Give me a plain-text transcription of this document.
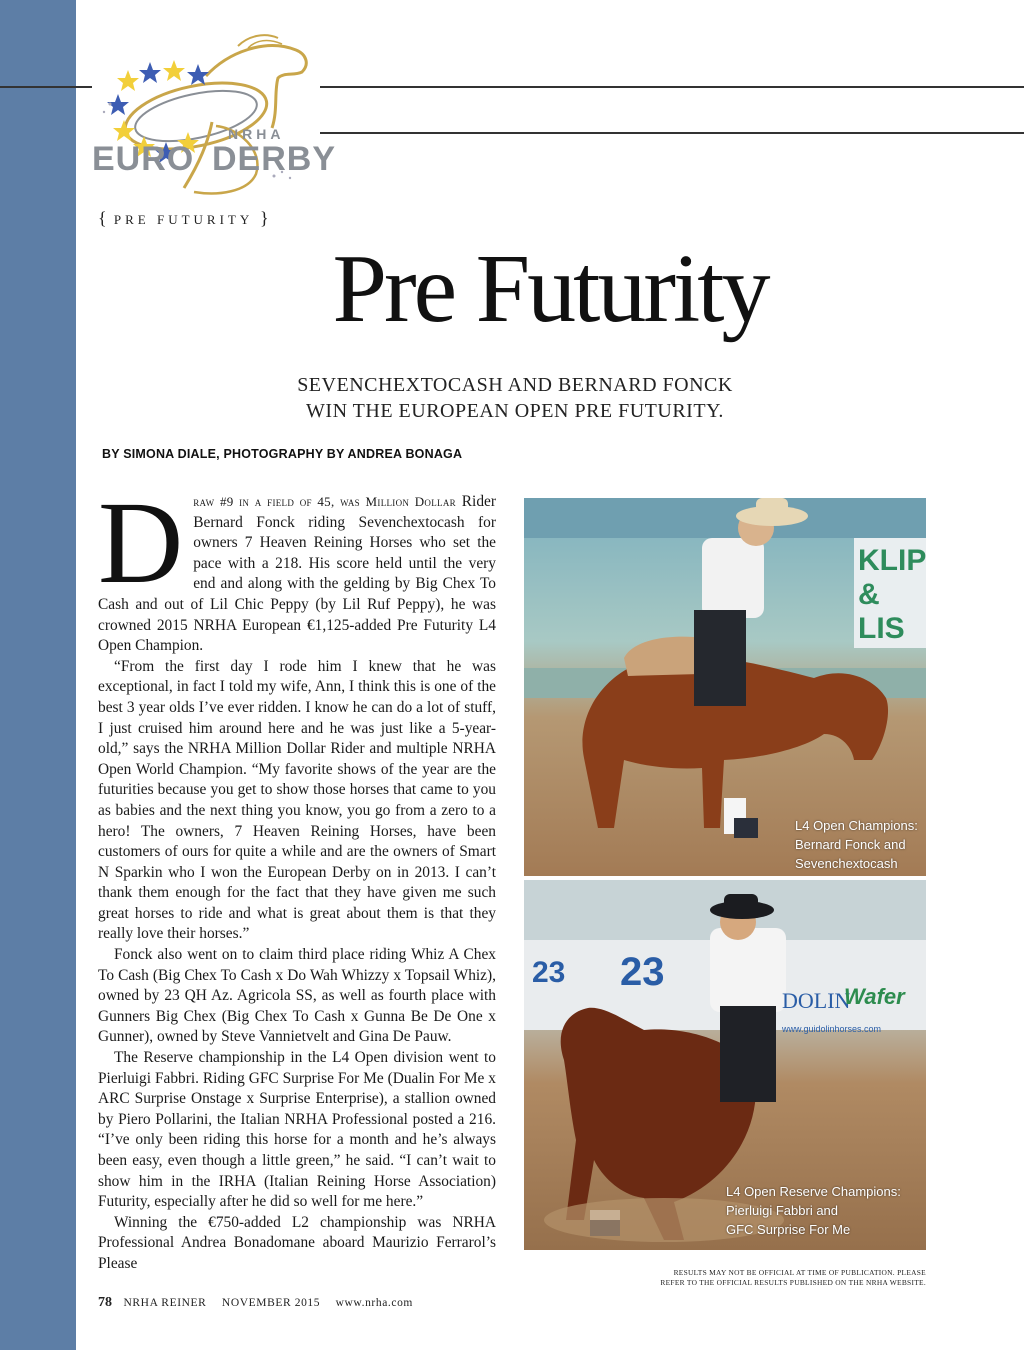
NRHA
EURO DERBY
{ PRE FUTURITY }
Pre Futurity
SEVENCHEXTOCASH AND BERNARD FONCK
WIN THE EUROPEAN OPEN PRE FUTURITY.
BY SIMONA DIALE, PHOTOGRAPHY BY ANDREA BONAGA

D raw #9 in a field of 45, was Million Dollar Rider Bernard Fonck riding Sevenchextocash for owners 7 Heaven Reining Horses who set the pace with a 218. His score held until the very end and along with the gelding by Big Chex To Cash and out of Lil Chic Peppy (by Lil Ruf Peppy), he was crowned 2015 NRHA European €1,125-added Pre Futurity L4 Open Champion.

“From the first day I rode him I knew that he was exceptional, in fact I told my wife, Ann, I think this is one of the best 3 year olds I’ve ever ridden. I know he can do a lot of stuff, I just cruised him around here and he was just like a 5-year-old,” says the NRHA Million Dollar Rider and multiple NRHA Open World Champion. “My favorite shows of the year are the futurities because you get to show those horses that came to you as babies and the next thing you know, you go from a zero to a hero! The owners, 7 Heaven Reining Horses, have been customers of ours for quite a while and are the owners of Smart N Sparkin who I won the European Derby on in 2013. I can’t thank them enough for the fact that they have given me such great horses to ride and what is great about them is that they really love their horses.”

Fonck also went on to claim third place riding Whiz A Chex To Cash (Big Chex To Cash x Do Wah Whizzy x Topsail Whiz), owned by 23 QH Az. Agricola SS, as well as fourth place with Gunners Big Chex (Big Chex To Cash x Gunna Be De One x Gunner), owned by Steve Vannietvelt and Gina De Pauw.

The Reserve championship in the L4 Open division went to Pierluigi Fabbri. Riding GFC Surprise For Me (Dualin For Me x ARC Surprise Onstage x Surprise Enterprise), a stallion owned by Piero Pollarini, the Italian NRHA Professional posted a 216. “I’ve only been riding this horse for a month and he’s always been easy, even though a little green,” he said. “I can’t wait to show him in the IRHA (Italian Reining Horse Association) Futurity, especially after he did so well for me here.”

Winning the €750-added L2 championship was NRHA Professional Andrea Bonadomane aboard Maurizio Ferrarol’s Please

KLIP & LIS
L4 Open Champions:
Bernard Fonck and
Sevenchextocash
23 23
DOLIN
Wafer
www.guidolinhorses.com
L4 Open Reserve Champions:
Pierluigi Fabbri and
GFC Surprise For Me
RESULTS MAY NOT BE OFFICIAL AT TIME OF PUBLICATION. PLEASE
REFER TO THE OFFICIAL RESULTS PUBLISHED ON THE NRHA WEBSITE.
78 NRHA REINER NOVEMBER 2015 www.nrha.com
